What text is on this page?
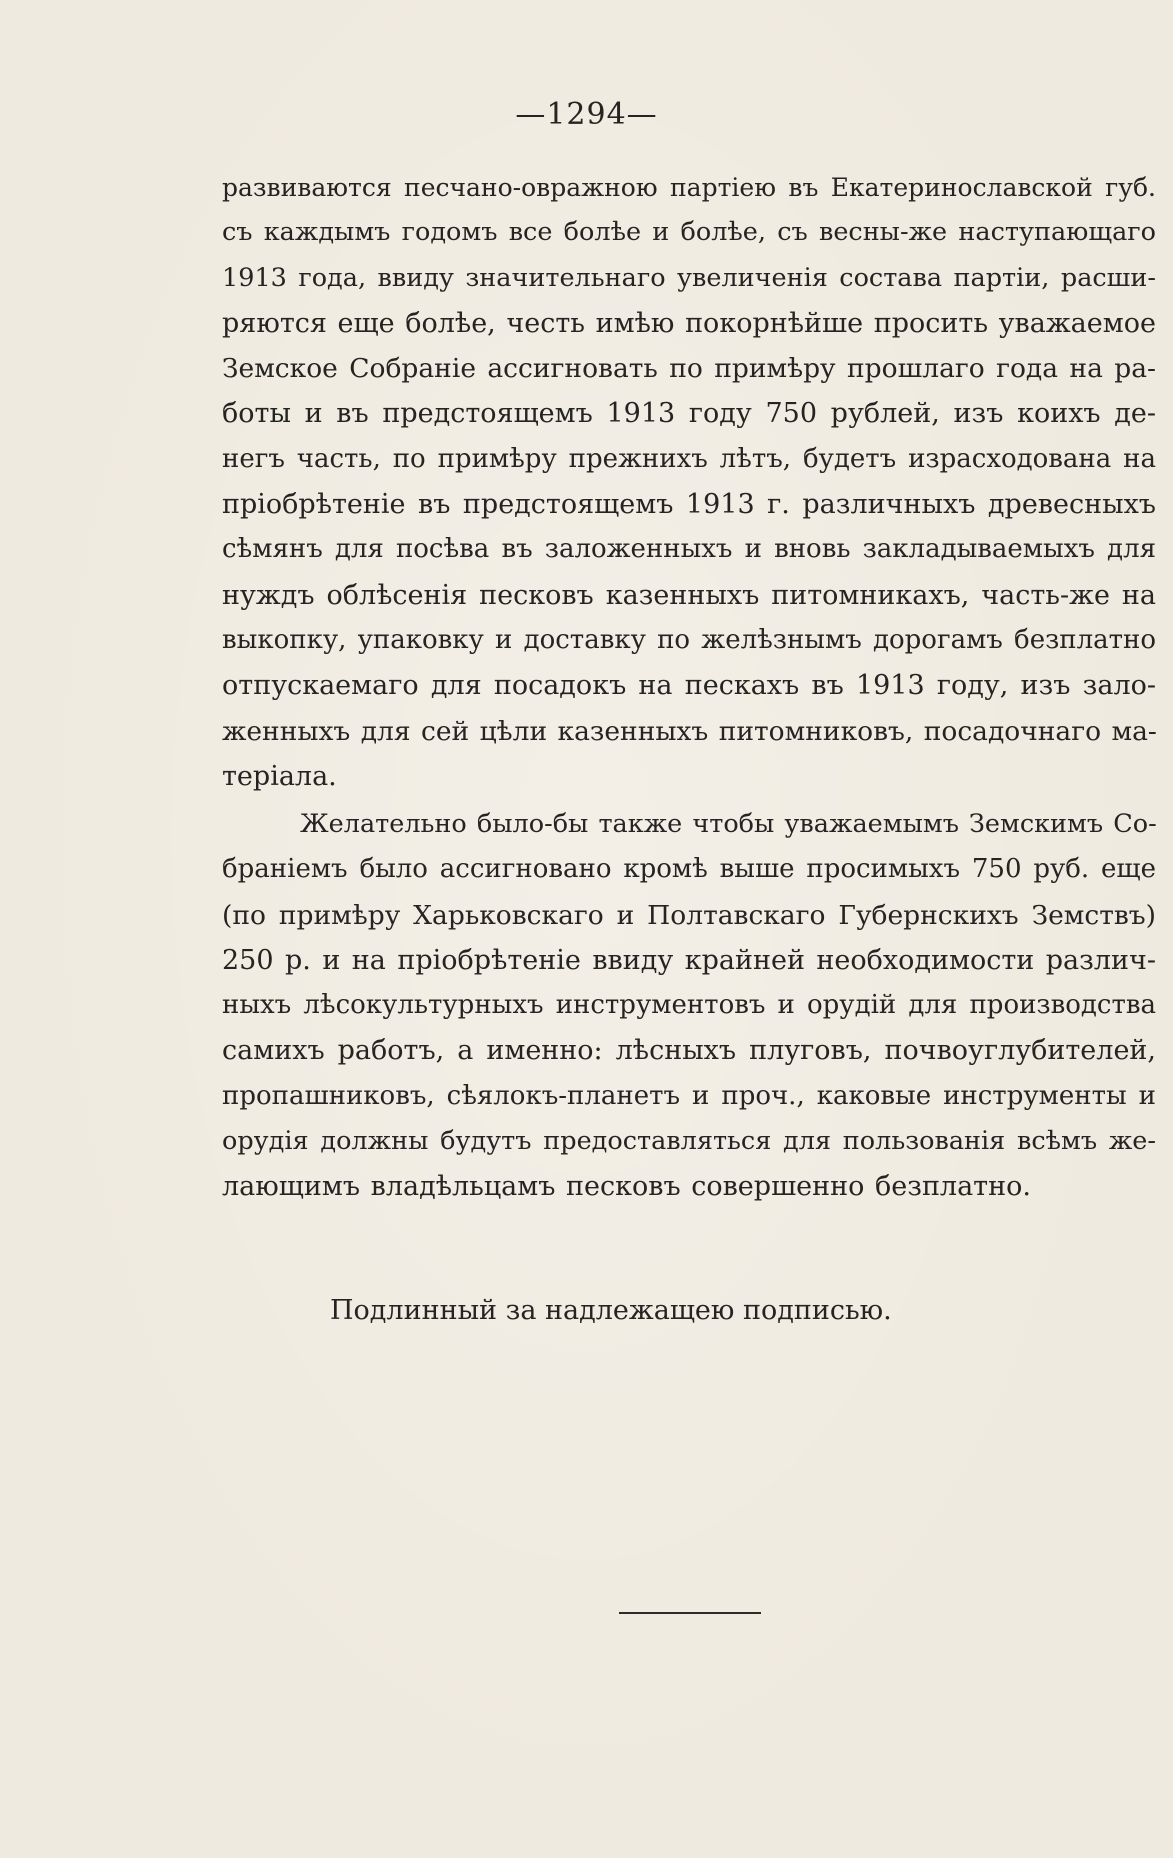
—1294—
развиваются песчано-овражною партіею въ Екатеринославской губ.
съ каждымъ годомъ все болѣе и болѣе, съ весны-же наступающаго
1913 года, ввиду значительнаго увеличенія состава партіи, расши-
ряются еще болѣе, честь имѣю покорнѣйше просить уважаемое
Земское Собраніе ассигновать по примѣру прошлаго года на ра-
боты и въ предстоящемъ 1913 году 750 рублей, изъ коихъ де-
негъ часть, по примѣру прежнихъ лѣтъ, будетъ израсходована на
пріобрѣтеніе въ предстоящемъ 1913 г. различныхъ древесныхъ
сѣмянъ для посѣва въ заложенныхъ и вновь закладываемыхъ для
нуждъ облѣсенія песковъ казенныхъ питомникахъ, часть-же на
выкопку, упаковку и доставку по желѣзнымъ дорогамъ безплатно
отпускаемаго для посадокъ на пескахъ въ 1913 году, изъ зало-
женныхъ для сей цѣли казенныхъ питомниковъ, посадочнаго ма-
теріала.
Желательно было-бы также чтобы уважаемымъ Земскимъ Со-
браніемъ было ассигновано кромѣ выше просимыхъ 750 руб. еще
(по примѣру Харьковскаго и Полтавскаго Губернскихъ Земствъ)
250 р. и на пріобрѣтеніе ввиду крайней необходимости различ-
ныхъ лѣсокультурныхъ инструментовъ и орудій для производства
самихъ работъ, а именно: лѣсныхъ плуговъ, почвоуглубителей,
пропашниковъ, сѣялокъ-планетъ и проч., каковые инструменты и
орудія должны будутъ предоставляться для пользованія всѣмъ же-
лающимъ владѣльцамъ песковъ совершенно безплатно.
Подлинный за надлежащею подписью.
